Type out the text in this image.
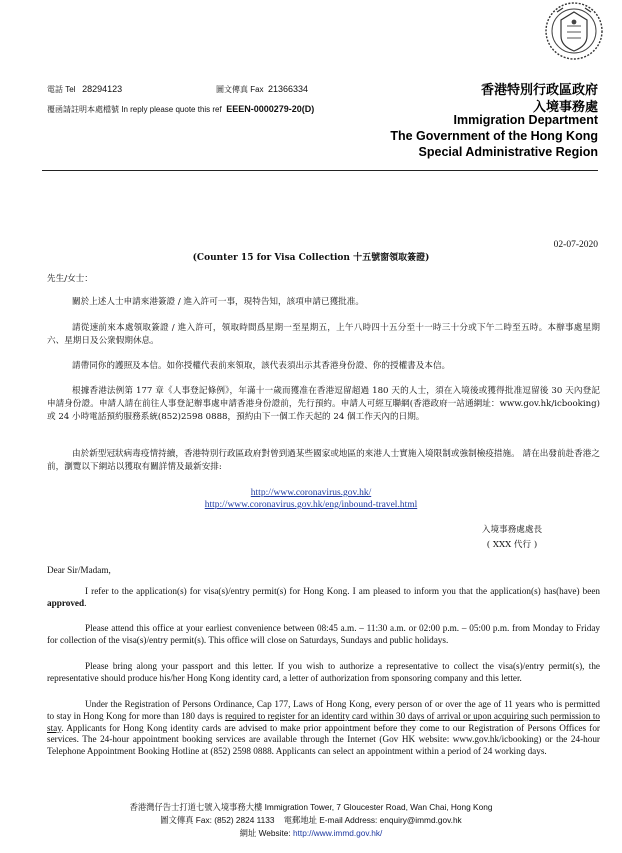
電話 Tel 28294123	圖文傳真 Fax 21366334
覆函請註明本處檔號 In reply please quote this ref EEEN-0000279-20(D)
香港特別行政區政府
入境事務處
Immigration Department
The Government of the Hong Kong
Special Administrative Region
02-07-2020
(Counter 15 for Visa Collection 十五號窗領取簽證)
先生/女士：
關於上述人士申請來港簽證 / 進入許可一事，現特告知，該項申請已獲批准。
請從速前來本處領取簽證 / 進入許可，領取時間爲星期一至星期五，上午八時四十五分至十一時三十分或下午二時至五時。本辦事處星期六、星期日及公衆假期休息。
請帶同你的護照及本信。如你授權代表前來領取，該代表須出示其香港身份證、你的授權書及本信。
根據香港法例第 177 章《人事登記條例》，年滿十一歲而獲准在香港逗留超過 180 天的人士，須在入境後或獲得批准逗留後 30 天內登記申請身份證。申請人請在前往人事登記辦事處申請香港身份證前，先行預約。申請人可經互聯網(香港政府一站通網址：www.gov.hk/icbooking) 或 24 小時電話預約服務系統(852)2598 0888，預約由下一個工作天起的 24 個工作天內的日期。
由於新型冠狀病毒疫情持續，香港特別行政區政府對曾到過某些國家或地區的來港人士實施入境限制或強制檢疫措施。 請在出發前赴香港之前，瀏覽以下網站以獲取有關詳情及最新安排:
http://www.coronavirus.gov.hk/
http://www.coronavirus.gov.hk/eng/inbound-travel.html
入境事務處處長
( XXX 代行 )
Dear Sir/Madam,
I refer to the application(s) for visa(s)/entry permit(s) for Hong Kong. I am pleased to inform you that the application(s) has(have) been approved.
Please attend this office at your earliest convenience between 08:45 a.m. – 11:30 a.m. or 02:00 p.m. – 05:00 p.m. from Monday to Friday for collection of the visa(s)/entry permit(s). This office will close on Saturdays, Sundays and public holidays.
Please bring along your passport and this letter. If you wish to authorize a representative to collect the visa(s)/entry permit(s), the representative should produce his/her Hong Kong identity card, a letter of authorization from sponsoring company and this letter.
Under the Registration of Persons Ordinance, Cap 177, Laws of Hong Kong, every person of or over the age of 11 years who is permitted to stay in Hong Kong for more than 180 days is required to register for an identity card within 30 days of arrival or upon acquiring such permission to stay. Applicants for Hong Kong identity cards are advised to make prior appointment before they come to our Registration of Persons Offices for services. The 24-hour appointment booking services are available through the Internet (Gov HK website: www.gov.hk/icbooking) or the 24-hour Telephone Appointment Booking Hotline at (852) 2598 0888. Applicants can select an appointment within a period of 24 working days.
香港灣仔告士打道七號入境事務大樓 Immigration Tower, 7 Gloucester Road, Wan Chai, Hong Kong
圖文傳真 Fax: (852) 2824 1133 電郵地址 E-mail Address: enquiry@immd.gov.hk
網址 Website: http://www.immd.gov.hk/
